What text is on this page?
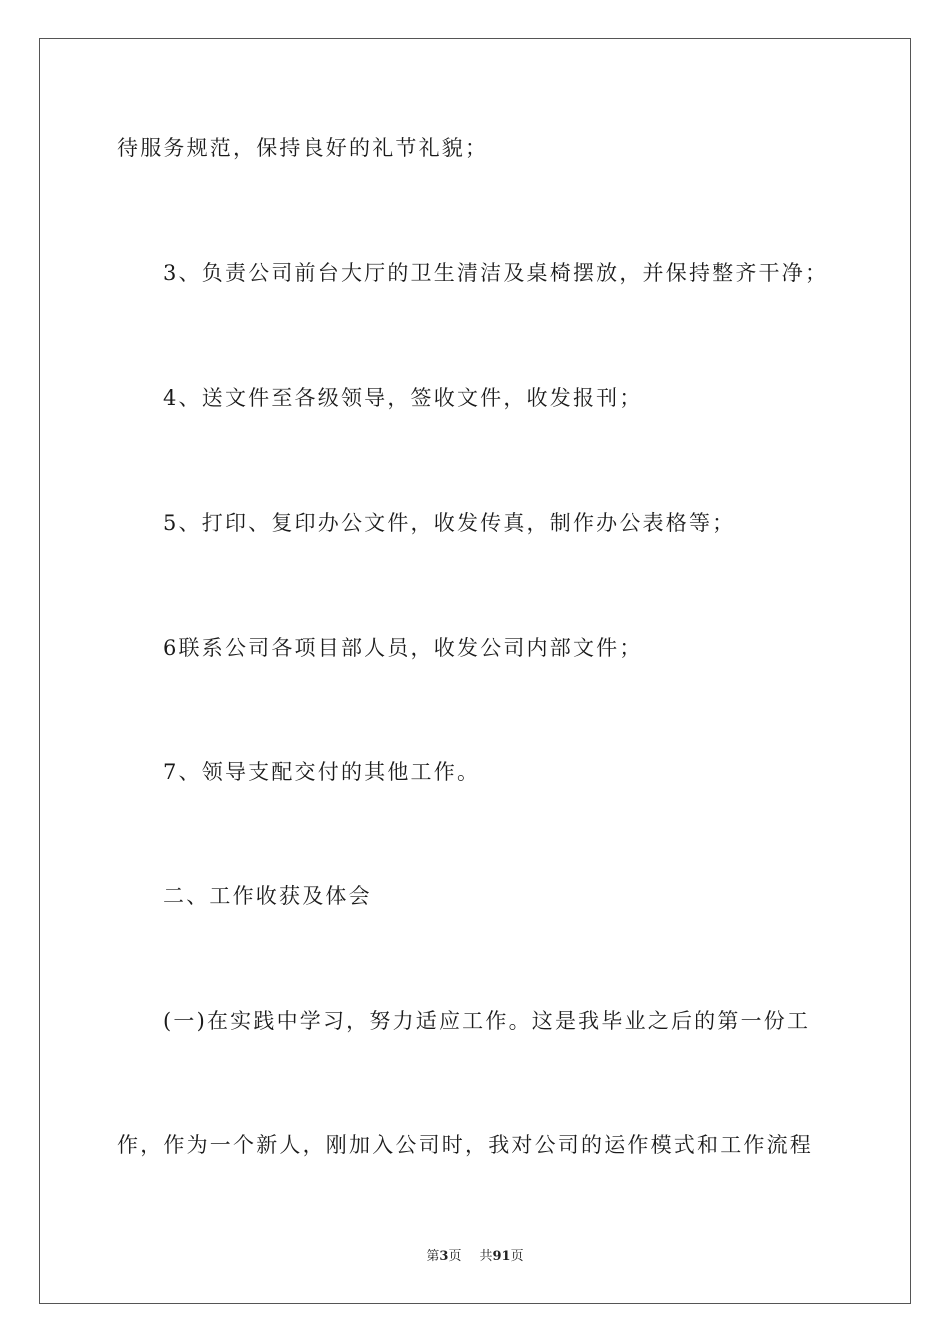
待服务规范，保持良好的礼节礼貌；
3、负责公司前台大厅的卫生清洁及桌椅摆放，并保持整齐干净；
4、送文件至各级领导，签收文件，收发报刊；
5、打印、复印办公文件，收发传真，制作办公表格等；
6联系公司各项目部人员，收发公司内部文件；
7、领导支配交付的其他工作。
二、工作收获及体会
(一)在实践中学习，努力适应工作。这是我毕业之后的第一份工
作，作为一个新人，刚加入公司时，我对公司的运作模式和工作流程
第3页 共91页
